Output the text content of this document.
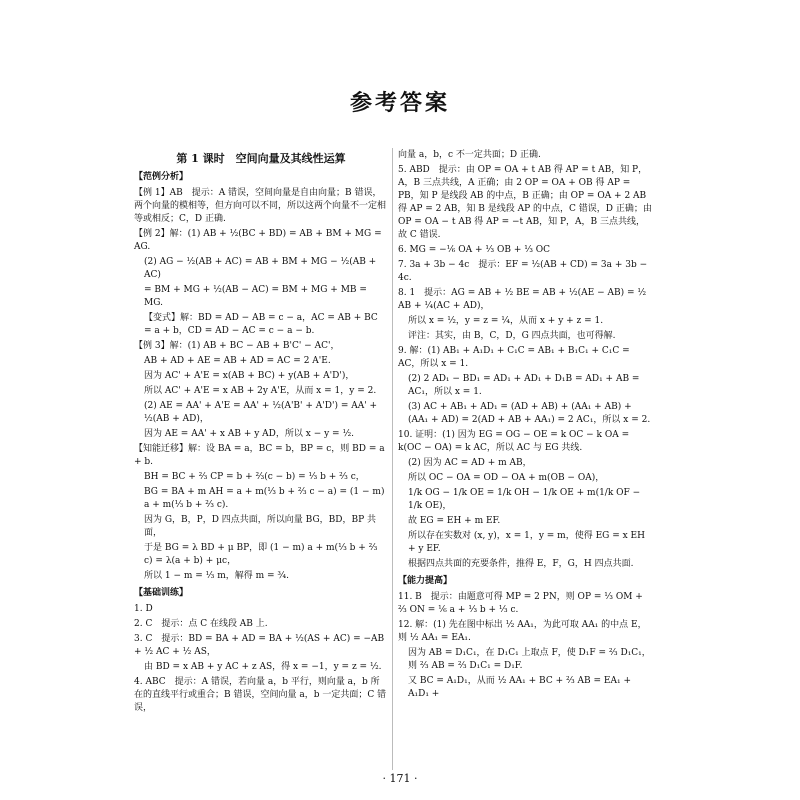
参考答案
第 1 课时　空间向量及其线性运算
【范例分析】

【例 1】AB　提示：A 错误，空间向量是自由向量；B 错误，两个向量的模相等，但方向可以不同，所以这两个向量不一定相等或相反；C，D 正确.

【例 2】解：(1) AB + ½(BC + BD) = AB + BM + MG = AG.

(2) AG − ½(AB + AC) = AB + BM + MG − ½(AB + AC)

= BM + MG + ½(AB − AC) = BM + MG + MB = MG.

【变式】解：BD = AD − AB = c − a，AC = AB + BC = a + b，CD = AD − AC = c − a − b.

【例 3】解：(1) AB + BC − AB + B'C' − AC'，

AB + AD + AE = AB + AD = AC = 2 A'E.

因为 AC' + A'E = x(AB + BC) + y(AB + A'D')，

所以 AC' + A'E = x AB + 2y A'E，从而 x = 1，y = 2.

(2) AE = AA' + A'E = AA' + ½(A'B' + A'D') = AA' + ½(AB + AD)，

因为 AE = AA' + x AB + y AD，所以 x − y = ½.

【知能迁移】解：设 BA = a，BC = b，BP = c，则 BD = a + b.

BH = BC + ⅔ CP = b + ⅔(c − b) = ⅓ b + ⅔ c，

BG = BA + m AH = a + m(⅓ b + ⅔ c − a) = (1 − m) a + m(⅓ b + ⅔ c).

因为 G，B，P，D 四点共面，所以向量 BG，BD，BP 共面，

于是 BG = λ BD + μ BP，即 (1 − m) a + m(⅓ b + ⅔ c) = λ(a + b) + μc，

所以 1 − m = ⅓ m，解得 m = ¾.

【基础训练】

1. D

2. C　提示：点 C 在线段 AB 上.

3. C　提示：BD = BA + AD = BA + ½(AS + AC) = −AB + ½ AC + ½ AS，

由 BD = x AB + y AC + z AS，得 x = −1，y = z = ½.

4. ABC　提示：A 错误，若向量 a，b 平行，则向量 a，b 所在的直线平行或重合；B 错误，空间向量 a，b 一定共面；C 错误，

向量 a，b，c 不一定共面；D 正确.

5. ABD　提示：由 OP = OA + t AB 得 AP = t AB，知 P，A，B 三点共线，A 正确；由 2 OP = OA + OB 得 AP = PB，知 P 是线段 AB 的中点，B 正确；由 OP = OA + 2 AB 得 AP = 2 AB，知 B 是线段 AP 的中点，C 错误，D 正确；由 OP = OA − t AB 得 AP = −t AB，知 P，A，B 三点共线，故 C 错误.

6. MG = −⅙ OA + ⅓ OB + ⅓ OC

7. 3a + 3b − 4c　提示：EF = ½(AB + CD) = 3a + 3b − 4c.

8. 1　提示：AG = AB + ½ BE = AB + ½(AE − AB) = ½ AB + ¼(AC + AD)，

所以 x = ½，y = z = ¼，从而 x + y + z = 1.

评注：其实，由 B，C，D，G 四点共面，也可得解.

9. 解：(1) AB₁ + A₁D₁ + C₁C = AB₁ + B₁C₁ + C₁C = AC，所以 x = 1.

(2) 2 AD₁ − BD₁ = AD₁ + AD₁ + D₁B = AD₁ + AB = AC₁，所以 x = 1.

(3) AC + AB₁ + AD₁ = (AD + AB) + (AA₁ + AB) + (AA₁ + AD) = 2(AD + AB + AA₁) = 2 AC₁，所以 x = 2.

10. 证明：(1) 因为 EG = OG − OE = k OC − k OA = k(OC − OA) = k AC，所以 AC 与 EG 共线.

(2) 因为 AC = AD + m AB，

所以 OC − OA = OD − OA + m(OB − OA)，

1/k OG − 1/k OE = 1/k OH − 1/k OE + m(1/k OF − 1/k OE)，

故 EG = EH + m EF.

所以存在实数对 (x, y)，x = 1，y = m，使得 EG = x EH + y EF.

根据四点共面的充要条件，推得 E，F，G，H 四点共面.

【能力提高】

11. B　提示：由题意可得 MP = 2 PN，则 OP = ⅓ OM + ⅔ ON = ⅙ a + ⅓ b + ⅓ c.

12. 解：(1) 先在图中标出 ½ AA₁，为此可取 AA₁ 的中点 E，则 ½ AA₁ = EA₁.

因为 AB = D₁C₁，在 D₁C₁ 上取点 F，使 D₁F = ⅔ D₁C₁，则 ⅔ AB = ⅔ D₁C₁ = D₁F.

又 BC = A₁D₁，从而 ½ AA₁ + BC + ⅔ AB = EA₁ + A₁D₁ +

· 171 ·
